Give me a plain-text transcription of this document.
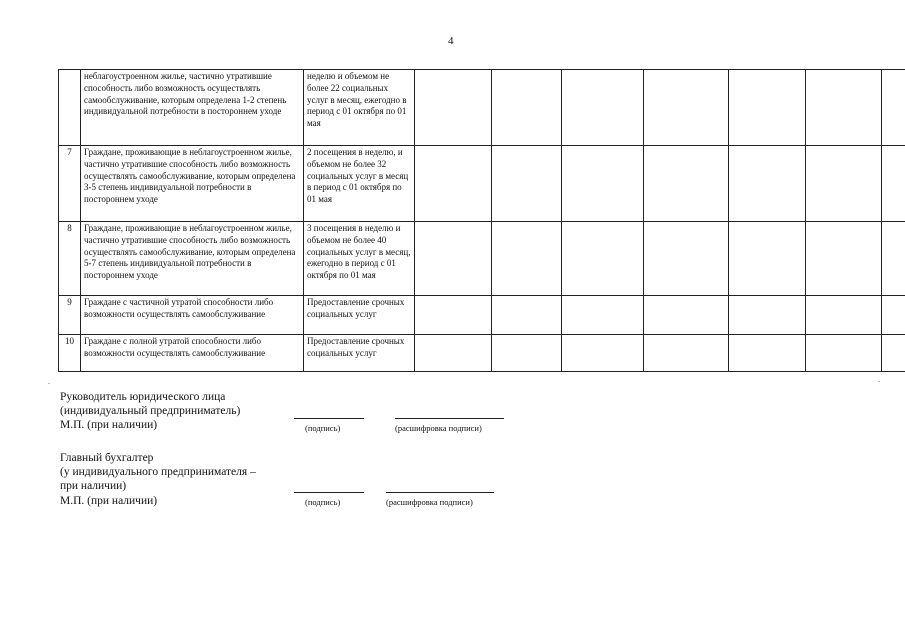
4
	неблагоустроенном жилье, частично утратившие способность либо возможность осуществлять самообслуживание, которым определена 1-2 степень индивидуальной потребности в постороннем уходе	неделю и объемом не более 22 социальных услуг в месяц, ежегодно в период с 01 октября по 01 мая							
7	Граждане, проживающие в неблагоустроенном жилье, частично утратившие способность либо возможность осуществлять самообслуживание, которым определена 3-5 степень индивидуальной потребности в постороннем уходе	2 посещения в неделю, и объемом не более 32 социальных услуг в месяц в период с 01 октября по 01 мая							
8	Граждане, проживающие в неблагоустроенном жилье, частично утратившие способность либо возможность осуществлять самообслуживание, которым определена 5-7 степень индивидуальной потребности в постороннем уходе	3 посещения в неделю и объемом не более 40 социальных услуг в месяц, ежегодно в период с 01 октября по 01 мая							
9	Граждане с частичной утратой способности либо возможности осуществлять самообслуживание	Предоставление срочных социальных услуг							
10	Граждане с полной утратой способности либо возможности осуществлять самообслуживание	Предоставление срочных социальных услуг							
Руководитель юридического лица
(индивидуальный предприниматель)
М.П. (при наличии)	(подпись)	(расшифровка подписи)
Главный бухгалтер
(у индивидуального предпринимателя –
при наличии)
М.П. (при наличии)	(подпись)	(расшифровка подписи)
